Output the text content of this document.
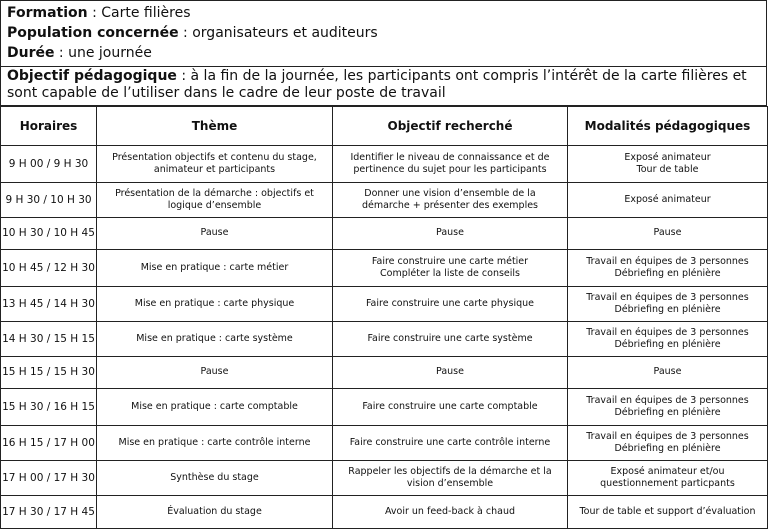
Formation : Carte filières
Population concernée : organisateurs et auditeurs
Durée : une journée
Objectif pédagogique : à la fin de la journée, les participants ont compris l’intérêt de la carte filières et sont capable de l’utiliser dans le cadre de leur poste de travail
Horaires	Thème	Objectif recherché	Modalités pédagogiques
9 H 00 / 9 H 30	Présentation objectifs et contenu du stage,
animateur et participants	Identifier le niveau de connaissance et de
pertinence du sujet pour les participants	Exposé animateur
Tour de table

9 H 30 / 10 H 30	Présentation de la démarche : objectifs et
logique d’ensemble	Donner une vision d’ensemble de la
démarche + présenter des exemples	Exposé animateur

10 H 30 / 10 H 45	Pause	Pause	Pause

10 H 45 / 12 H 30	Mise en pratique : carte métier	Faire construire une carte métier
Compléter la liste de conseils	Travail en équipes de 3 personnes
Débriefing en plénière

13 H 45 / 14 H 30	Mise en pratique : carte physique	Faire construire une carte physique	Travail en équipes de 3 personnes
Débriefing en plénière

14 H 30 / 15 H 15	Mise en pratique : carte système	Faire construire une carte système	Travail en équipes de 3 personnes
Débriefing en plénière

15 H 15 / 15 H 30	Pause	Pause	Pause

15 H 30 / 16 H 15	Mise en pratique : carte comptable	Faire construire une carte comptable	Travail en équipes de 3 personnes
Débriefing en plénière

16 H 15 / 17 H 00	Mise en pratique : carte contrôle interne	Faire construire une carte contrôle interne	Travail en équipes de 3 personnes
Débriefing en plénière

17 H 00 / 17 H 30	Synthèse du stage	Rappeler les objectifs de la démarche et la
vision d’ensemble	Exposé animateur et/ou
questionnement particpants

17 H 30 / 17 H 45	Évaluation du stage	Avoir un feed-back à chaud	Tour de table et support d’évaluation
